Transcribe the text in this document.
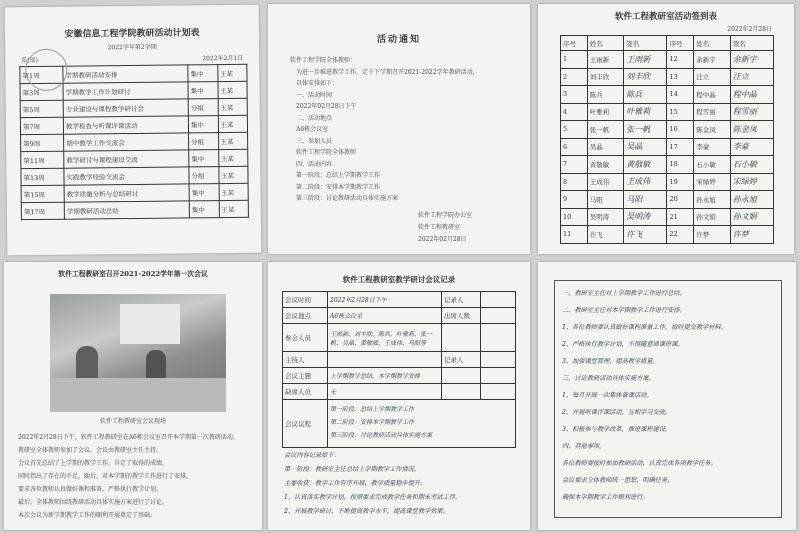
安徽信息工程学院教研活动计划表
2022学年第2学期
系(部)	2022年2月1日
第1周	学期教研活动安排	集中	王某
第3周	学期教学工作计划研讨	集中	王某
第5周	专业建设与课程教学研讨会	分组	王某
第7周	教学检查与听课评课活动	集中	王某
第9周	期中教学工作交流会	分组	王某
第11周	教学研讨与课程建设交流	集中	王某
第13周	实践教学经验交流会	分组	王某
第15周	教学质量分析与总结研讨	集中	王某
第17周	学期教研活动总结	集中	王某
活动通知
软件工程学院全体教师：
为进一步推进教学工作，定于下学期召开2021-2022学年教研活动，
具体安排如下：
一、活动时间
2022年02月28日下午
二、活动地点
A6栋会议室
三、参加人员
软件工程学院全体教师
四、活动内容
第一阶段：总结上学期教学工作
第二阶段：安排本学期教学工作
第三阶段：讨论教研活动具体实施方案
软件工程学院办公室
软件工程教研室
2022年02月28日
软件工程教研室活动签到表
2022年2月28日
序号	姓名	签名	序号	姓名	签名
1	王雨新	王雨新	12	余新宇	余新宇
2	刘丰欣	刘丰欣	13	汪立	汪立
3	陈兵	陈兵	14	程中晶	程中晶
4	叶雅莉	叶雅莉	15	程雪丽	程雪丽
5	张一帆	张一帆	16	陈金凤	陈金凤
6	吴晶	吴晶	17	李豪	李豪
7	黄敬敏	黄敬敏	18	石小敏	石小敏
8	王成伟	王成伟	19	宋绿婷	宋绿婷
9	马阳	马阳	20	孙永旭	孙永旭
10	吴明涛	吴明涛	21	孙文娟	孙文娟
11	许飞	许飞	22	许梦	许梦
软件工程教研室召开2021-2022学年第一次会议
软件工程教研室会议现场
2022年2月28日下午，软件工程教研室在A6栋会议室召开本学期第一次教研活动，
教研室全体教师参加了会议。会议由教研室主任主持。
会议首先总结了上学期的教学工作，肯定了取得的成绩，
同时指出了存在的不足。随后，对本学期的教学工作进行了安排，
要求各位教师认真做好课程准备，严格执行教学计划。
最后，全体教师围绕教研活动具体实施方案进行了讨论。
本次会议为新学期教学工作的顺利开展奠定了基础。
软件工程教研室教学研讨会议记录
会议时间	2022年2月28日下午	记录人	
会议地点	A6栋会议室	出席人数	
参会人员	王雨新、刘丰欣、陈兵、叶雅莉、张一帆、吴晶、黄敬敏、王成伟、马阳等		
主持人		记录人	
会议主题	上学期教学总结，本学期教学安排		
缺席人员	无		
会议议程	第一阶段：总结上学期教学工作
第二阶段：安排本学期教学工作
第三阶段：讨论教研活动具体实施方案		
会议内容记录如下：
第一阶段：教研室主任总结上学期教学工作情况。
主要收获：教学工作有序开展，教学质量稳步提升。
1、认真落实教学计划，按照要求完成教学任务和期末考试工作。
2、开展教学研讨，不断提高教学水平，提高课堂教学效果。
一、教研室主任对上学期教学工作进行总结。
二、教研室主任对本学期教学工作进行安排。
1、各位教师要认真做好课程准备工作，按时提交教学材料。
2、严格执行教学计划，不得随意调课停课。
3、加强课堂管理，提高教学质量。
三、讨论教研活动具体实施方案。
1、每月开展一次集体备课活动。
2、开展听课评课活动，互相学习交流。
3、积极参与教学改革，推进课程建设。
四、其他事项。
各位教师要按时参加教研活动，认真完成各项教学任务。
会议要求全体教师统一思想，明确任务，
确保本学期教学工作顺利进行。
